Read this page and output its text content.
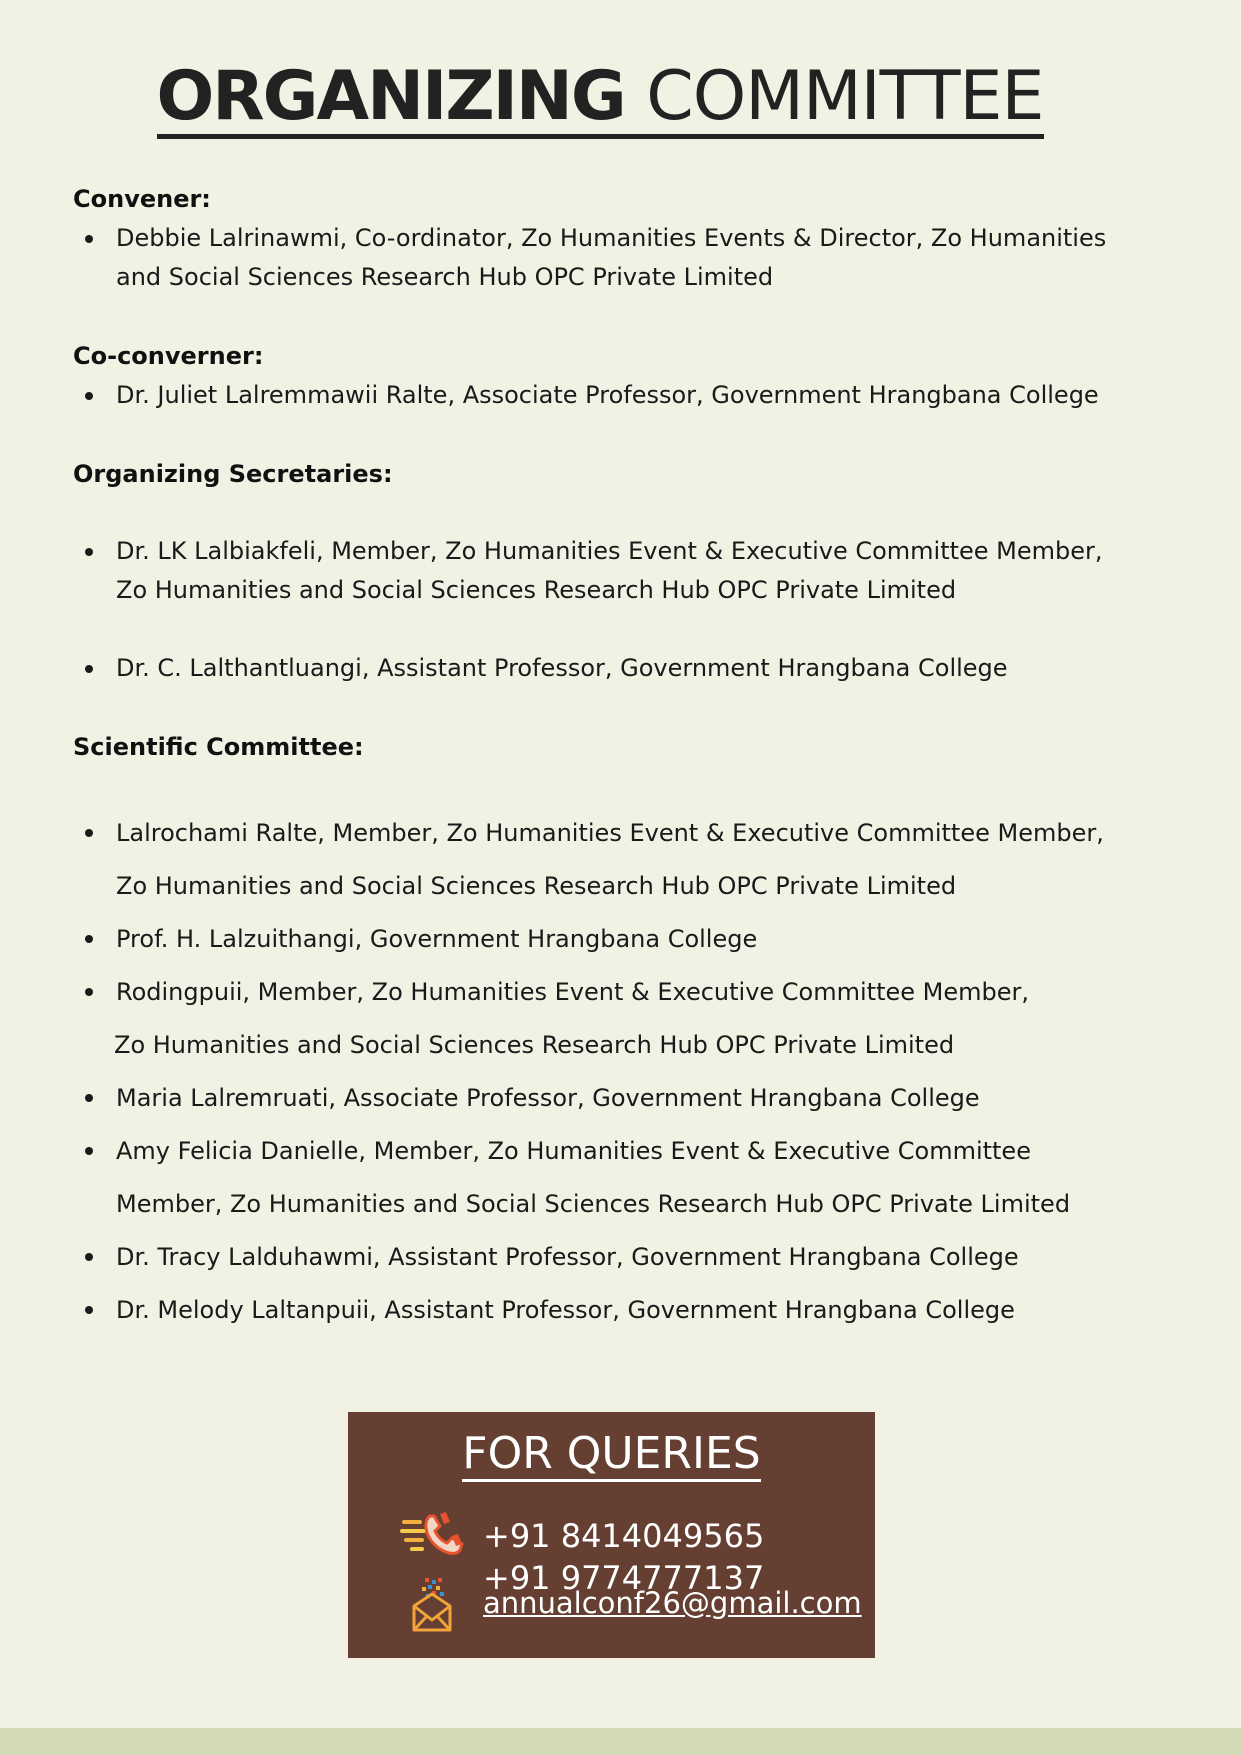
ORGANIZING COMMITTEE
Convener:
Debbie Lalrinawmi, Co-ordinator, Zo Humanities Events & Director, Zo Humanities and Social Sciences Research Hub OPC Private Limited
Co-converner:
Dr. Juliet Lalremmawii Ralte, Associate Professor, Government Hrangbana College
Organizing Secretaries:
Dr. LK Lalbiakfeli, Member, Zo Humanities Event & Executive Committee Member, Zo Humanities and Social Sciences Research Hub OPC Private Limited
Dr. C. Lalthantluangi, Assistant Professor, Government Hrangbana College
Scientific Committee:
Lalrochami Ralte, Member, Zo Humanities Event & Executive Committee Member,
Zo Humanities and Social Sciences Research Hub OPC Private Limited
Prof. H. Lalzuithangi, Government Hrangbana College
Rodingpuii, Member, Zo Humanities Event & Executive Committee Member,
Zo Humanities and Social Sciences Research Hub OPC Private Limited
Maria Lalremruati, Associate Professor, Government Hrangbana College
Amy Felicia Danielle, Member, Zo Humanities Event & Executive Committee
Member, Zo Humanities and Social Sciences Research Hub OPC Private Limited
Dr. Tracy Lalduhawmi, Assistant Professor, Government Hrangbana College
Dr. Melody Laltanpuii, Assistant Professor, Government Hrangbana College
FOR QUERIES
+91 8414049565
+91 9774777137
annualconf26@gmail.com
